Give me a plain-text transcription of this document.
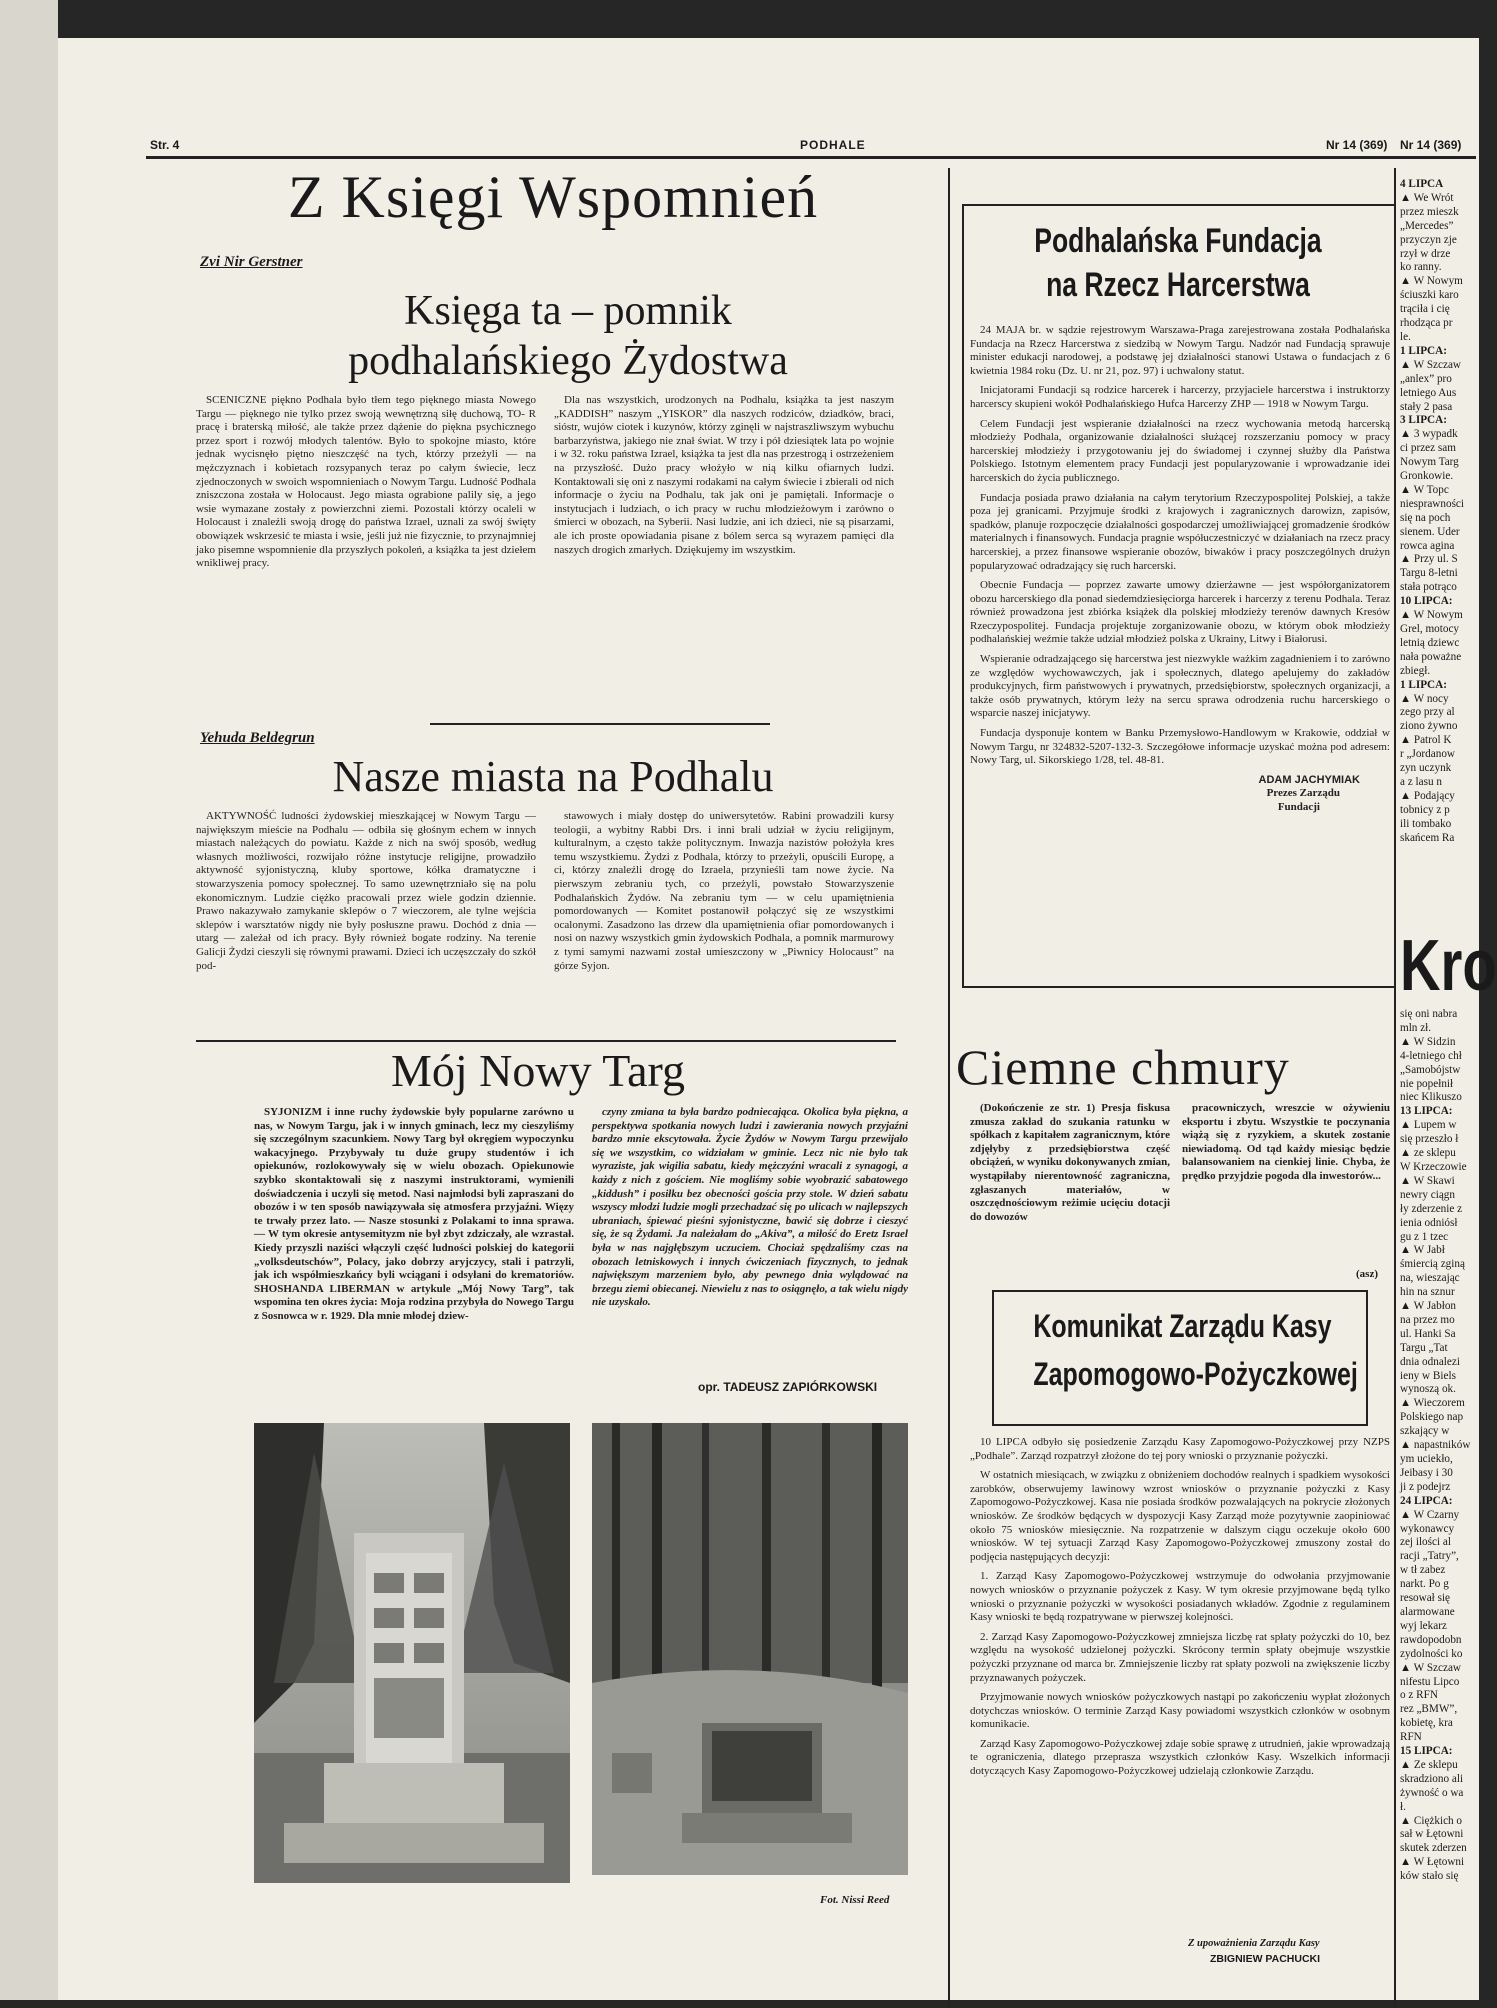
Str. 4	PODHALE	Nr 14 (369) Nr 14 (369)
Z Księgi Wspomnień
Zvi Nir Gerstner
Księga ta – pomnik
podhalańskiego Żydostwa

SCENICZNE piękno Podhala było tłem tego pięknego miasta Nowego Targu — pięknego nie tylko przez swoją wewnętrzną siłę duchową, TO- R pracę i braterską miłość, ale także przez dążenie do piękna psychicznego przez sport i rozwój młodych talentów. Było to spokojne miasto, które jednak wycisnęło piętno nieszczęść na tych, którzy przeżyli — na mężczyznach i kobietach rozsypanych teraz po całym świecie, lecz zjednoczonych w swoich wspomnieniach o Nowym Targu. Ludność Podhala zniszczona została w Holocaust. Jego miasta ograbione palily się, a jego wsie wymazane zostały z powierzchni ziemi. Pozostali którzy ocaleli w Holocaust i znaleźli swoją drogę do państwa Izrael, uznali za swój święty obowiązek wskrzesić te miasta i wsie, jeśli już nie fizycznie, to przynajmniej jako pisemne wspomnienie dla przyszłych pokoleń, a książka ta jest dziełem wnikliwej pracy.

Dla nas wszystkich, urodzonych na Podhalu, książka ta jest naszym „KADDISH” naszym „YISKOR” dla naszych rodziców, dziadków, braci, sióstr, wujów ciotek i kuzynów, którzy zginęli w najstraszliwszym wybuchu barbarzyństwa, jakiego nie znał świat. W trzy i pół dziesiątek lata po wojnie i w 32. roku państwa Izrael, książka ta jest dla nas przestrogą i ostrzeżeniem na przyszłość. Dużo pracy włożyło w nią kilku ofiarnych ludzi. Kontaktowali się oni z naszymi rodakami na całym świecie i zbierali od nich informacje o życiu na Podhalu, tak jak oni je pamiętali. Informacje o instytucjach i ludziach, o ich pracy w ruchu młodzieżowym i zarówno o śmierci w obozach, na Syberii. Nasi ludzie, ani ich dzieci, nie są pisarzami, ale ich proste opowiadania pisane z bólem serca są wyrazem pamięci dla naszych drogich zmarłych. Dziękujemy im wszystkim.

Yehuda Beldegrun
Nasze miasta na Podhalu

AKTYWNOŚĆ ludności żydowskiej mieszkającej w Nowym Targu — największym mieście na Podhalu — odbiła się głośnym echem w innych miastach należących do powiatu. Każde z nich na swój sposób, według własnych możliwości, rozwijało różne instytucje religijne, prowadziło aktywność syjonistyczną, kluby sportowe, kółka dramatyczne i stowarzyszenia pomocy społecznej. To samo uzewnętrzniało się na polu ekonomicznym. Ludzie ciężko pracowali przez wiele godzin dziennie. Prawo nakazywało zamykanie sklepów o 7 wieczorem, ale tylne wejścia sklepów i warsztatów nigdy nie były posłuszne prawu. Dochód z dnia — utarg — zależał od ich pracy. Były również bogate rodziny. Na terenie Galicji Żydzi cieszyli się równymi prawami. Dzieci ich uczęszczały do szkół pod-

stawowych i miały dostęp do uniwersytetów. Rabini prowadzili kursy teologii, a wybitny Rabbi Drs. i inni brali udział w życiu religijnym, kulturalnym, a często także politycznym. Inwazja nazistów położyła kres temu wszystkiemu. Żydzi z Podhala, którzy to przeżyli, opuścili Europę, a ci, którzy znaleźli drogę do Izraela, przynieśli tam nowe życie. Na pierwszym zebraniu tych, co przeżyli, powstało Stowarzyszenie Podhalańskich Żydów. Na zebraniu tym — w celu upamiętnienia pomordowanych — Komitet postanowił połączyć się ze wszystkimi ocalonymi. Zasadzono las drzew dla upamiętnienia ofiar pomordowanych i nosi on nazwy wszystkich gmin żydowskich Podhala, a pomnik marmurowy z tymi samymi nazwami został umieszczony w „Piwnicy Holocaust” na górze Syjon.

Mój Nowy Targ

SYJONIZM i inne ruchy żydowskie były popularne zarówno u nas, w Nowym Targu, jak i w innych gminach, lecz my cieszyliśmy się szczególnym szacunkiem. Nowy Targ był okręgiem wypoczynku wakacyjnego. Przybywały tu duże grupy studentów i ich opiekunów, rozlokowywały się w wielu obozach. Opiekunowie szybko skontaktowali się z naszymi instruktorami, wymienili doświadczenia i uczyli się metod. Nasi najmłodsi byli zapraszani do obozów i w ten sposób nawiązywała się atmosfera przyjaźni. Więzy te trwały przez lato. — Nasze stosunki z Polakami to inna sprawa. — W tym okresie antysemityzm nie był zbyt zdziczały, ale wzrastał. Kiedy przyszli naziści włączyli część ludności polskiej do kategorii „volksdeutschów”, Polacy, jako dobrzy aryjczycy, stali i patrzyli, jak ich współmieszkańcy byli wciągani i odsyłani do krematoriów. SHOSHANDA LIBERMAN w artykule „Mój Nowy Targ”, tak wspomina ten okres życia: Moja rodzina przybyła do Nowego Targu z Sosnowca w r. 1929. Dla mnie młodej dziew-

czyny zmiana ta była bardzo podniecająca. Okolica była piękna, a perspektywa spotkania nowych ludzi i zawierania nowych przyjaźni bardzo mnie ekscytowała. Życie Żydów w Nowym Targu przewijało się we wszystkim, co widziałam w gminie. Lecz nic nie było tak wyraziste, jak wigilia sabatu, kiedy mężczyźni wracali z synagogi, a każdy z nich z gościem. Nie mogliśmy sobie wyobrazić sabatowego „kiddush” i posiłku bez obecności gościa przy stole. W dzień sabatu wszyscy młodzi ludzie mogli przechadzać się po ulicach w najlepszych ubraniach, śpiewać pieśni syjonistyczne, bawić się dobrze i cieszyć się, że są Żydami. Ja należałam do „Akiva”, a miłość do Eretz Israel była w nas najgłębszym uczuciem. Chociaż spędzaliśmy czas na obozach letniskowych i innych ćwiczeniach fizycznych, to jednak największym marzeniem było, aby pewnego dnia wylądować na brzegu ziemi obiecanej. Niewielu z nas to osiągnęło, a tak wielu nigdy nie uzyskało.

opr. TADEUSZ ZAPIÓRKOWSKI
Fot. Nissi Reed
Podhalańska Fundacja
na Rzecz Harcerstwa

24 MAJA br. w sądzie rejestrowym Warszawa-Praga zarejestrowana została Podhalańska Fundacja na Rzecz Harcerstwa z siedzibą w Nowym Targu. Nadzór nad Fundacją sprawuje minister edukacji narodowej, a podstawę jej działalności stanowi Ustawa o fundacjach z 6 kwietnia 1984 roku (Dz. U. nr 21, poz. 97) i uchwalony statut.

Inicjatorami Fundacji są rodzice harcerek i harcerzy, przyjaciele harcerstwa i instruktorzy harcerscy skupieni wokół Podhalańskiego Hufca Harcerzy ZHP — 1918 w Nowym Targu.

Celem Fundacji jest wspieranie działalności na rzecz wychowania metodą harcerską młodzieży Podhala, organizowanie działalności służącej rozszerzaniu pomocy w pracy harcerskiej młodzieży i przygotowaniu jej do świadomej i czynnej służby dla Państwa Polskiego. Istotnym elementem pracy Fundacji jest popularyzowanie i wprowadzanie idei harcerskich do życia publicznego.

Fundacja posiada prawo działania na całym terytorium Rzeczypospolitej Polskiej, a także poza jej granicami. Przyjmuje środki z krajowych i zagranicznych darowizn, zapisów, spadków, planuje rozpoczęcie działalności gospodarczej umożliwiającej gromadzenie środków materialnych i finansowych. Fundacja pragnie współuczestniczyć w działaniach na rzecz pracy harcerskiej, a przez finansowe wspieranie obozów, biwaków i pracy poszczególnych drużyn popularyzować odradzający się ruch harcerski.

Obecnie Fundacja — poprzez zawarte umowy dzierżawne — jest współorganizatorem obozu harcerskiego dla ponad siedemdziesięciorga harcerek i harcerzy z terenu Podhala. Teraz również prowadzona jest zbiórka książek dla polskiej młodzieży terenów dawnych Kresów Rzeczypospolitej. Fundacja projektuje zorganizowanie obozu, w którym obok młodzieży podhalańskiej weźmie także udział młodzież polska z Ukrainy, Litwy i Białorusi.

Wspieranie odradzającego się harcerstwa jest niezwykle ważkim zagadnieniem i to zarówno ze względów wychowawczych, jak i społecznych, dlatego apelujemy do zakładów produkcyjnych, firm państwowych i prywatnych, przedsiębiorstw, społecznych organizacji, a także osób prywatnych, którym leży na sercu sprawa odrodzenia ruchu harcerskiego o wsparcie naszej inicjatywy.

Fundacja dysponuje kontem w Banku Przemysłowo-Handlowym w Krakowie, oddział w Nowym Targu, nr 324832-5207-132-3. Szczegółowe informacje uzyskać można pod adresem: Nowy Targ, ul. Sikorskiego 1/28, tel. 48-81.

ADAM JACHYMIAK
Prezes Zarządu
Fundacji
Ciemne chmury

(Dokończenie ze str. 1) Presja fiskusa zmusza zakład do szukania ratunku w spółkach z kapitałem zagranicznym, które zdjęłyby z przedsiębiorstwa część obciążeń, w wyniku dokonywanych zmian, wystąpiłaby nierentowność zagraniczna, zgłaszanych materiałów, w oszczędnościowym reżimie ucięciu dotacji do dowozów

pracowniczych, wreszcie w ożywieniu eksportu i zbytu. Wszystkie te poczynania wiążą się z ryzykiem, a skutek zostanie niewiadomą. Od tąd każdy miesiąc będzie balansowaniem na cienkiej linie. Chyba, że prędko przyjdzie pogoda dla inwestorów...

(asz)
Komunikat Zarządu Kasy
Zapomogowo-Pożyczkowej

10 LIPCA odbyło się posiedzenie Zarządu Kasy Zapomogowo-Pożyczkowej przy NZPS „Podhale”. Zarząd rozpatrzył złożone do tej pory wnioski o przyznanie pożyczki.

W ostatnich miesiącach, w związku z obniżeniem dochodów realnych i spadkiem wysokości zarobków, obserwujemy lawinowy wzrost wniosków o przyznanie pożyczki z Kasy Zapomogowo-Pożyczkowej. Kasa nie posiada środków pozwalających na pokrycie złożonych wniosków. Ze środków będących w dyspozycji Kasy Zarząd może pozytywnie zaopiniować około 75 wniosków miesięcznie. Na rozpatrzenie w dalszym ciągu oczekuje około 600 wniosków. W tej sytuacji Zarząd Kasy Zapomogowo-Pożyczkowej zmuszony został do podjęcia następujących decyzji:

1. Zarząd Kasy Zapomogowo-Pożyczkowej wstrzymuje do odwołania przyjmowanie nowych wniosków o przyznanie pożyczek z Kasy. W tym okresie przyjmowane będą tylko wnioski o przyznanie pożyczki w wysokości posiadanych wkładów. Zgodnie z regulaminem Kasy wnioski te będą rozpatrywane w pierwszej kolejności.

2. Zarząd Kasy Zapomogowo-Pożyczkowej zmniejsza liczbę rat spłaty pożyczki do 10, bez względu na wysokość udzielonej pożyczki. Skrócony termin spłaty obejmuje wszystkie pożyczki przyznane od marca br. Zmniejszenie liczby rat spłaty pozwoli na zwiększenie liczby przyznawanych pożyczek.

Przyjmowanie nowych wniosków pożyczkowych nastąpi po zakończeniu wypłat złożonych dotychczas wniosków. O terminie Zarząd Kasy powiadomi wszystkich członków w osobnym komunikacie.

Zarząd Kasy Zapomogowo-Pożyczkowej zdaje sobie sprawę z utrudnień, jakie wprowadzają te ograniczenia, dlatego przeprasza wszystkich członków Kasy. Wszelkich informacji dotyczących Kasy Zapomogowo-Pożyczkowej udzielają członkowie Zarządu.

Z upoważnienia Zarządu Kasy
ZBIGNIEW PACHUCKI
4 LIPCA
▲ We Wrót
przez mieszk
„Mercedes”
przyczyn zje
rzył w drze
ko ranny.
▲ W Nowym
ściuszki karo
trąciła i cię
rhodząca pr
le.
1 LIPCA:
▲ W Szczaw
„anlex” pro
letniego Aus
stały 2 pasa
3 LIPCA:
▲ 3 wypadk
ci przez sam
Nowym Targ
Gronkowie.
▲ W Topc
niesprawności
się na poch
sienem. Uder
rowca agina
▲ Przy ul. S
Targu 8-letni
stała potrąco
10 LIPCA:
▲ W Nowym
Grel, motocy
letnią dziewc
nała poważne
zbiegł.
1 LIPCA:
▲ W nocy
zego przy al
ziono żywno
▲ Patrol K
r „Jordanow
zyn uczynk
a z lasu n
▲ Podający
tobnicy z p
ili tombako
skańcem Ra
Kro
się oni nabra
mln zł.
▲ W Sidzin
4-letniego chł
„Samobójstw
nie popełnił
niec Klikuszo
13 LIPCA:
▲ Lupem w
się przeszło ł
▲ ze sklepu
W Krzeczowie
▲ W Skawi
newry ciągn
ły zderzenie z
ienia odniósł
gu z 1 tzec
▲ W Jabł
śmiercią zginą
na, wieszając
hin na sznur
▲ W Jabłon
na przez mo
ul. Hanki Sa
Targu „Tat
dnia odnalezi
ieny w Biels
wynoszą ok.
▲ Wieczorem
Polskiego nap
szkający w
▲ napastników
ym uciekło,
Jeibasy i 30
ji z podejrz
24 LIPCA:
▲ W Czarny
wykonawcy
zej ilości al
racji „Tatry”,
w tł zabez
narkt. Po g
resował się
alarmowane
wyj lekarz
rawdopodobn
zydolności ko
▲ W Szczaw
nifestu Lipco
o z RFN
rez „BMW”,
kobietę, kra
RFN
15 LIPCA:
▲ Ze sklepu
skradziono ali
żywność o wa
ł.
▲ Ciężkich o
sał w Łętowni
skutek zderzen
▲ W Łętowni
ków stało się
